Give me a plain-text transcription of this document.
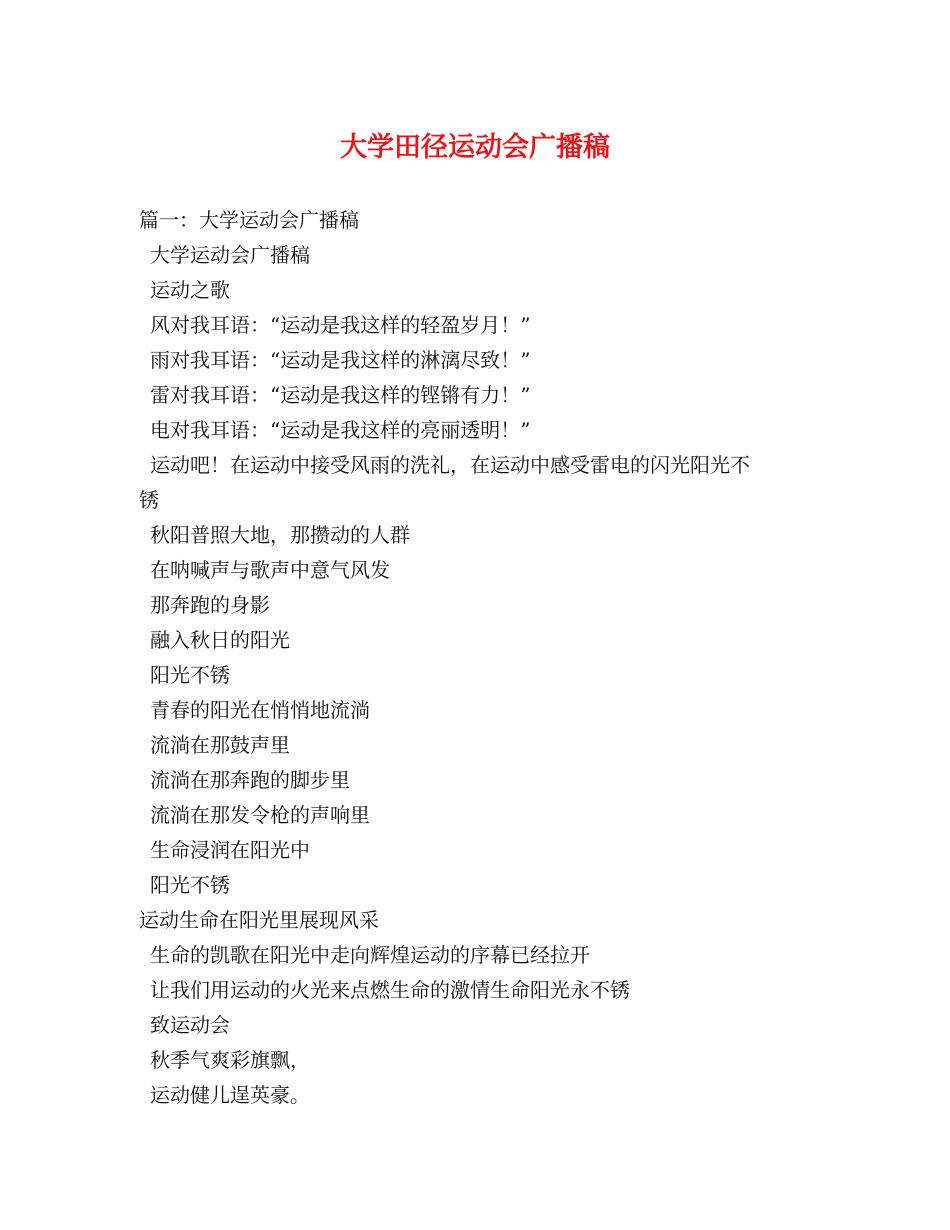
大学田径运动会广播稿
篇一：大学运动会广播稿
大学运动会广播稿
运动之歌
风对我耳语：“运动是我这样的轻盈岁月！”
雨对我耳语：“运动是我这样的淋漓尽致！”
雷对我耳语：“运动是我这样的铿锵有力！”
电对我耳语：“运动是我这样的亮丽透明！”
运动吧！在运动中接受风雨的洗礼，在运动中感受雷电的闪光阳光不
锈
秋阳普照大地，那攒动的人群
在呐喊声与歌声中意气风发
那奔跑的身影
融入秋日的阳光
阳光不锈
青春的阳光在悄悄地流淌
流淌在那鼓声里
流淌在那奔跑的脚步里
流淌在那发令枪的声响里
生命浸润在阳光中
阳光不锈
运动生命在阳光里展现风采
生命的凯歌在阳光中走向辉煌运动的序幕已经拉开
让我们用运动的火光来点燃生命的激情生命阳光永不锈
致运动会
秋季气爽彩旗飘，
运动健儿逞英豪。
